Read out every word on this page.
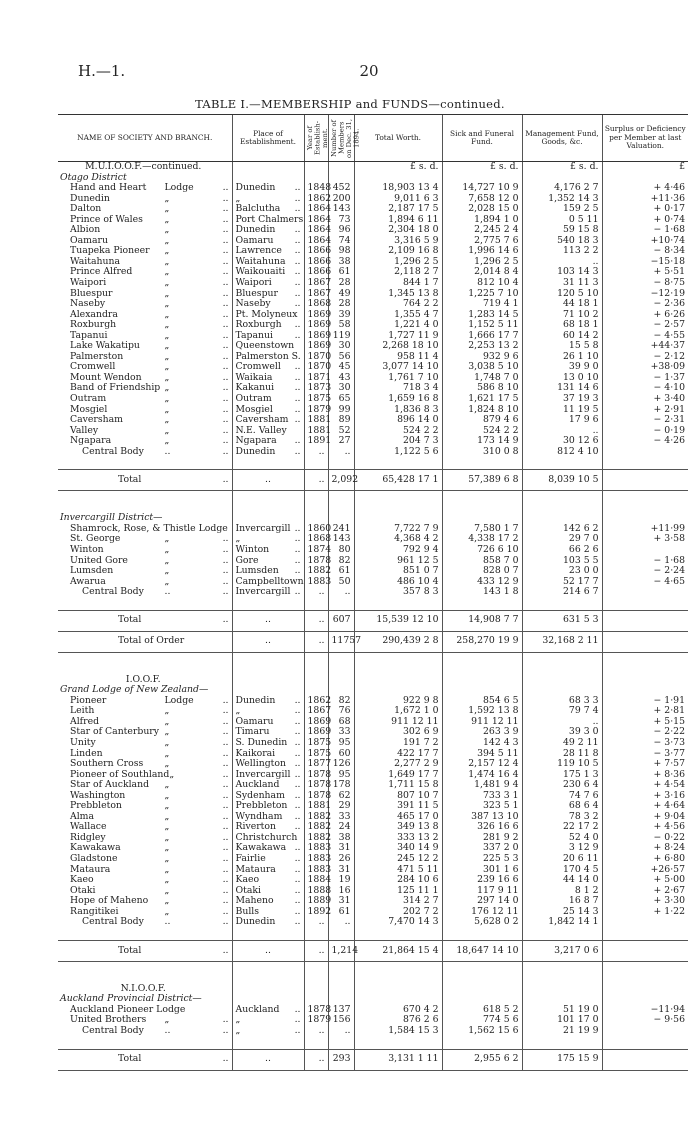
H.—1.	20
TABLE I.—MEMBERSHIP and FUNDS—continued.
NAME OF SOCIETY AND BRANCH.	Place of Establishment.	Year of Establish-ment.	Number of Members on Dec. 31, 1894.	Total Worth.	Sick and Funeral Fund.	Management Fund, Goods, &c.	Surplus or Deficiency per Member at last Valuation.
M.U.I.O.O.F.—continued.				£ s. d.	£ s. d.	£ s. d.	£
Otago District							

Hand and Heart Lodge ..	Dunedin ..	1848	452	18,903 13 4	14,727 10 9	4,176 2 7	+ 4·46

Dunedin „ ..	„ ..	1862	200	9,011 6 3	7,658 12 0	1,352 14 3	+11·36

Dalton „ ..	Balclutha ..	1864	143	2,187 17 5	2,028 15 0	159 2 5	+ 0·17

Prince of Wales „ ..	Port Chalmers	1864	73	1,894 6 11	1,894 1 0	0 5 11	+ 0·74

Albion „ ..	Dunedin ..	1864	96	2,304 18 0	2,245 2 4	59 15 8	− 1·68

Oamaru „ ..	Oamaru ..	1864	74	3,316 5 9	2,775 7 6	540 18 3	+10·74

Tuapeka Pioneer „ ..	Lawrence ..	1866	98	2,109 16 8	1,996 14 6	113 2 2	− 8·34

Waitahuna „ ..	Waitahuna ..	1866	38	1,296 2 5	1,296 2 5	..	−15·18

Prince Alfred „ ..	Waikouaiti ..	1866	61	2,118 2 7	2,014 8 4	103 14 3	+ 5·51

Waipori „ ..	Waipori ..	1867	28	844 1 7	812 10 4	31 11 3	− 8·75

Bluespur „ ..	Bluespur ..	1867	49	1,345 13 8	1,225 7 10	120 5 10	−12·19

Naseby „ ..	Naseby ..	1868	28	764 2 2	719 4 1	44 18 1	− 2·36

Alexandra „ ..	Pt. Molyneux	1869	39	1,355 4 7	1,283 14 5	71 10 2	+ 6·26

Roxburgh „ ..	Roxburgh ..	1869	58	1,221 4 0	1,152 5 11	68 18 1	− 2·57

Tapanui „ ..	Tapanui ..	1869	119	1,727 11 9	1,666 17 7	60 14 2	− 4·55

Lake Wakatipu „ ..	Queenstown	1869	30	2,268 18 10	2,253 13 2	15 5 8	+44·37

Palmerston „ ..	Palmerston S.	1870	56	958 11 4	932 9 6	26 1 10	− 2·12

Cromwell „ ..	Cromwell ..	1870	45	3,077 14 10	3,038 5 10	39 9 0	+38·09

Mount Wendon „ ..	Waikaia ..	1871	43	1,761 7 10	1,748 7 0	13 0 10	− 1·37

Band of Friendship „ ..	Kakanui ..	1873	30	718 3 4	586 8 10	131 14 6	− 4·10

Outram „ ..	Outram ..	1875	65	1,659 16 8	1,621 17 5	37 19 3	+ 3·40

Mosgiel „ ..	Mosgiel ..	1879	99	1,836 8 3	1,824 8 10	11 19 5	+ 2·91

Caversham „ ..	Caversham ..	1881	89	896 14 0	879 4 6	17 9 6	− 2·31

Valley „ ..	N.E. Valley	1881	52	524 2 2	524 2 2	..	− 0·19

Ngapara „ ..	Ngapara ..	1891	27	204 7 3	173 14 9	30 12 6	− 4·26

Central Body .. ..	Dunedin ..	..	..	1,122 5 6	310 0 8	812 4 10	

Total ..	..	..	2,092	65,428 17 1	57,389 6 8	8,039 10 5	

Invercargill District—							

Shamrock, Rose, & Thistle Lodge	Invercargill ..	1860	241	7,722 7 9	7,580 1 7	142 6 2	+11·99

St. George „ ..	„ ..	1868	143	4,368 4 2	4,338 17 2	29 7 0	+ 3·58

Winton „ ..	Winton ..	1874	80	792 9 4	726 6 10	66 2 6	

United Gore „ ..	Gore ..	1878	82	961 12 5	858 7 0	103 5 5	− 1·68

Lumsden „ ..	Lumsden ..	1882	61	851 0 7	828 0 7	23 0 0	− 2·24

Awarua „ ..	Campbelltown	1883	50	486 10 4	433 12 9	52 17 7	− 4·65

Central Body .. ..	Invercargill ..	..	..	357 8 3	143 1 8	214 6 7	

Total ..	..	..	607	15,539 12 10	14,908 7 7	631 5 3	

Total of Order	..	..	11757	290,439 2 8	258,270 19 9	32,168 2 11	

I.O.O.F.							
Grand Lodge of New Zealand—							

Pioneer Lodge ..	Dunedin ..	1862	82	922 9 8	854 6 5	68 3 3	− 1·91

Leith „ ..	„ ..	1867	76	1,672 1 0	1,592 13 8	79 7 4	+ 2·81

Alfred „ ..	Oamaru ..	1869	68	911 12 11	911 12 11	..	+ 5·15

Star of Canterbury „ ..	Timaru ..	1869	33	302 6 9	263 3 9	39 3 0	− 2·22

Unity „ ..	S. Dunedin ..	1875	95	191 7 2	142 4 3	49 2 11	− 3·73

Linden „ ..	Kaikorai ..	1875	60	422 17 7	394 5 11	28 11 8	− 3·77

Southern Cross „ ..	Wellington ..	1877	126	2,277 2 9	2,157 12 4	119 10 5	+ 7·57

Pioneer of Southland „ ..	Invercargill ..	1878	95	1,649 17 7	1,474 16 4	175 1 3	+ 8·36

Star of Auckland „ ..	Auckland ..	1878	178	1,711 15 8	1,481 9 4	230 6 4	+ 4·54

Washington „ ..	Sydenham ..	1878	62	807 10 7	733 3 1	74 7 6	+ 3·16

Prebbleton „ ..	Prebbleton ..	1881	29	391 11 5	323 5 1	68 6 4	+ 4·64

Alma „ ..	Wyndham ..	1882	33	465 17 0	387 13 10	78 3 2	+ 9·04

Wallace „ ..	Riverton ..	1882	24	349 13 8	326 16 6	22 17 2	+ 4·56

Ridgley „ ..	Christchurch	1882	38	333 13 2	281 9 2	52 4 0	− 0·22

Kawakawa „ ..	Kawakawa ..	1883	31	340 14 9	337 2 0	3 12 9	+ 8·24

Gladstone „ ..	Fairlie ..	1883	26	245 12 2	225 5 3	20 6 11	+ 6·80

Mataura „ ..	Mataura ..	1883	31	471 5 11	301 1 6	170 4 5	+26·57

Kaeo „ ..	Kaeo ..	1884	19	284 10 6	239 16 6	44 14 0	+ 5·00

Otaki „ ..	Otaki ..	1888	16	125 11 1	117 9 11	8 1 2	+ 2·67

Hope of Maheno „ ..	Maheno ..	1889	31	314 2 7	297 14 0	16 8 7	+ 3·30

Rangitikei „ ..	Bulls ..	1892	61	202 7 2	176 12 11	25 14 3	+ 1·22

Central Body .. ..	Dunedin ..	..	..	7,470 14 3	5,628 0 2	1,842 14 1	

Total ..	..	..	1,214	21,864 15 4	18,647 14 10	3,217 0 6	

N.I.O.O.F.							
Auckland Provincial District—							

Auckland Pioneer Lodge	Auckland ..	1878	137	670 4 2	618 5 2	51 19 0	−11·94

United Brothers „ ..	„ ..	1879	156	876 2 6	774 5 6	101 17 0	− 9·56

Central Body .. ..	„ ..	..	..	1,584 15 3	1,562 15 6	21 19 9	

Total ..	..	..	293	3,131 1 11	2,955 6 2	175 15 9	
